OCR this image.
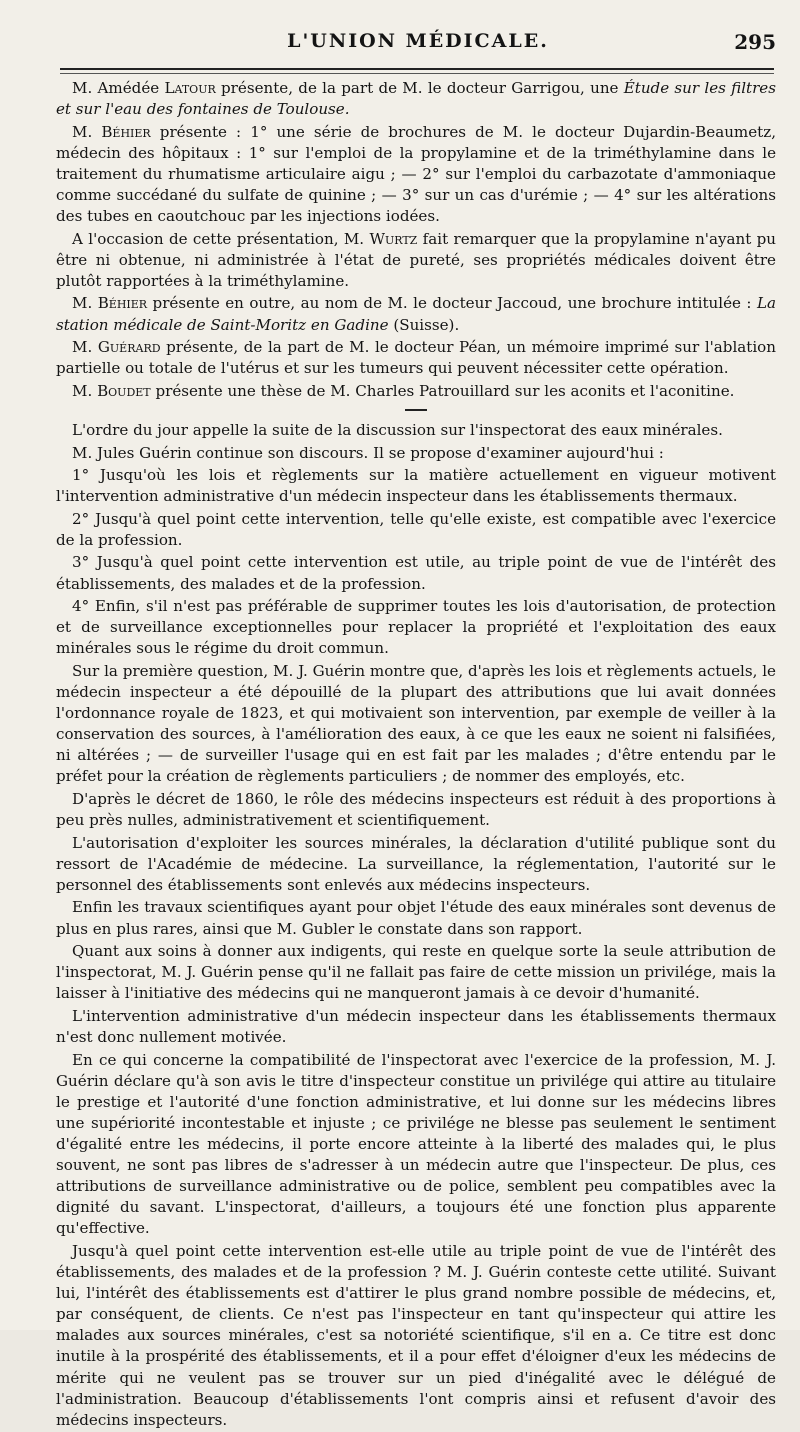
L'UNION MÉDICALE.	295

M. Amédée Latour présente, de la part de M. le docteur Garrigou, une Étude sur les filtres et sur l'eau des fontaines de Toulouse.

M. Béhier présente : 1° une série de brochures de M. le docteur Dujardin-Beaumetz, médecin des hôpitaux : 1° sur l'emploi de la propylamine et de la triméthylamine dans le traitement du rhumatisme articulaire aigu ; — 2° sur l'emploi du carbazotate d'ammoniaque comme succédané du sulfate de quinine ; — 3° sur un cas d'urémie ; — 4° sur les altérations des tubes en caoutchouc par les injections iodées.

A l'occasion de cette présentation, M. Wurtz fait remarquer que la propylamine n'ayant pu être ni obtenue, ni administrée à l'état de pureté, ses propriétés médicales doivent être plutôt rapportées à la triméthylamine.

M. Béhier présente en outre, au nom de M. le docteur Jaccoud, une brochure intitulée : La station médicale de Saint-Moritz en Gadine (Suisse).

M. Guérard présente, de la part de M. le docteur Péan, un mémoire imprimé sur l'ablation partielle ou totale de l'utérus et sur les tumeurs qui peuvent nécessiter cette opération.

M. Boudet présente une thèse de M. Charles Patrouillard sur les aconits et l'aconitine.

L'ordre du jour appelle la suite de la discussion sur l'inspectorat des eaux minérales.

M. Jules Guérin continue son discours. Il se propose d'examiner aujourd'hui :

1° Jusqu'où les lois et règlements sur la matière actuellement en vigueur motivent l'intervention administrative d'un médecin inspecteur dans les établissements thermaux.

2° Jusqu'à quel point cette intervention, telle qu'elle existe, est compatible avec l'exercice de la profession.

3° Jusqu'à quel point cette intervention est utile, au triple point de vue de l'intérêt des établissements, des malades et de la profession.

4° Enfin, s'il n'est pas préférable de supprimer toutes les lois d'autorisation, de protection et de surveillance exceptionnelles pour replacer la propriété et l'exploitation des eaux minérales sous le régime du droit commun.

Sur la première question, M. J. Guérin montre que, d'après les lois et règlements actuels, le médecin inspecteur a été dépouillé de la plupart des attributions que lui avait données l'ordonnance royale de 1823, et qui motivaient son intervention, par exemple de veiller à la conservation des sources, à l'amélioration des eaux, à ce que les eaux ne soient ni falsifiées, ni altérées ; — de surveiller l'usage qui en est fait par les malades ; d'être entendu par le préfet pour la création de règlements particuliers ; de nommer des employés, etc.

D'après le décret de 1860, le rôle des médecins inspecteurs est réduit à des proportions à peu près nulles, administrativement et scientifiquement.

L'autorisation d'exploiter les sources minérales, la déclaration d'utilité publique sont du ressort de l'Académie de médecine. La surveillance, la réglementation, l'autorité sur le personnel des établissements sont enlevés aux médecins inspecteurs.

Enfin les travaux scientifiques ayant pour objet l'étude des eaux minérales sont devenus de plus en plus rares, ainsi que M. Gubler le constate dans son rapport.

Quant aux soins à donner aux indigents, qui reste en quelque sorte la seule attribution de l'inspectorat, M. J. Guérin pense qu'il ne fallait pas faire de cette mission un privilége, mais la laisser à l'initiative des médecins qui ne manqueront jamais à ce devoir d'humanité.

L'intervention administrative d'un médecin inspecteur dans les établissements thermaux n'est donc nullement motivée.

En ce qui concerne la compatibilité de l'inspectorat avec l'exercice de la profession, M. J. Guérin déclare qu'à son avis le titre d'inspecteur constitue un privilége qui attire au titulaire le prestige et l'autorité d'une fonction administrative, et lui donne sur les médecins libres une supériorité incontestable et injuste ; ce privilége ne blesse pas seulement le sentiment d'égalité entre les médecins, il porte encore atteinte à la liberté des malades qui, le plus souvent, ne sont pas libres de s'adresser à un médecin autre que l'inspecteur. De plus, ces attributions de surveillance administrative ou de police, semblent peu compatibles avec la dignité du savant. L'inspectorat, d'ailleurs, a toujours été une fonction plus apparente qu'effective.

Jusqu'à quel point cette intervention est-elle utile au triple point de vue de l'intérêt des établissements, des malades et de la profession ? M. J. Guérin conteste cette utilité. Suivant lui, l'intérêt des établissements est d'attirer le plus grand nombre possible de médecins, et, par conséquent, de clients. Ce n'est pas l'inspecteur en tant qu'inspecteur qui attire les malades aux sources minérales, c'est sa notoriété scientifique, s'il en a. Ce titre est donc inutile à la prospérité des établissements, et il a pour effet d'éloigner d'eux les médecins de mérite qui ne veulent pas se trouver sur un pied d'inégalité avec le délégué de l'administration. Beaucoup d'établissements l'ont compris ainsi et refusent d'avoir des médecins inspecteurs.
